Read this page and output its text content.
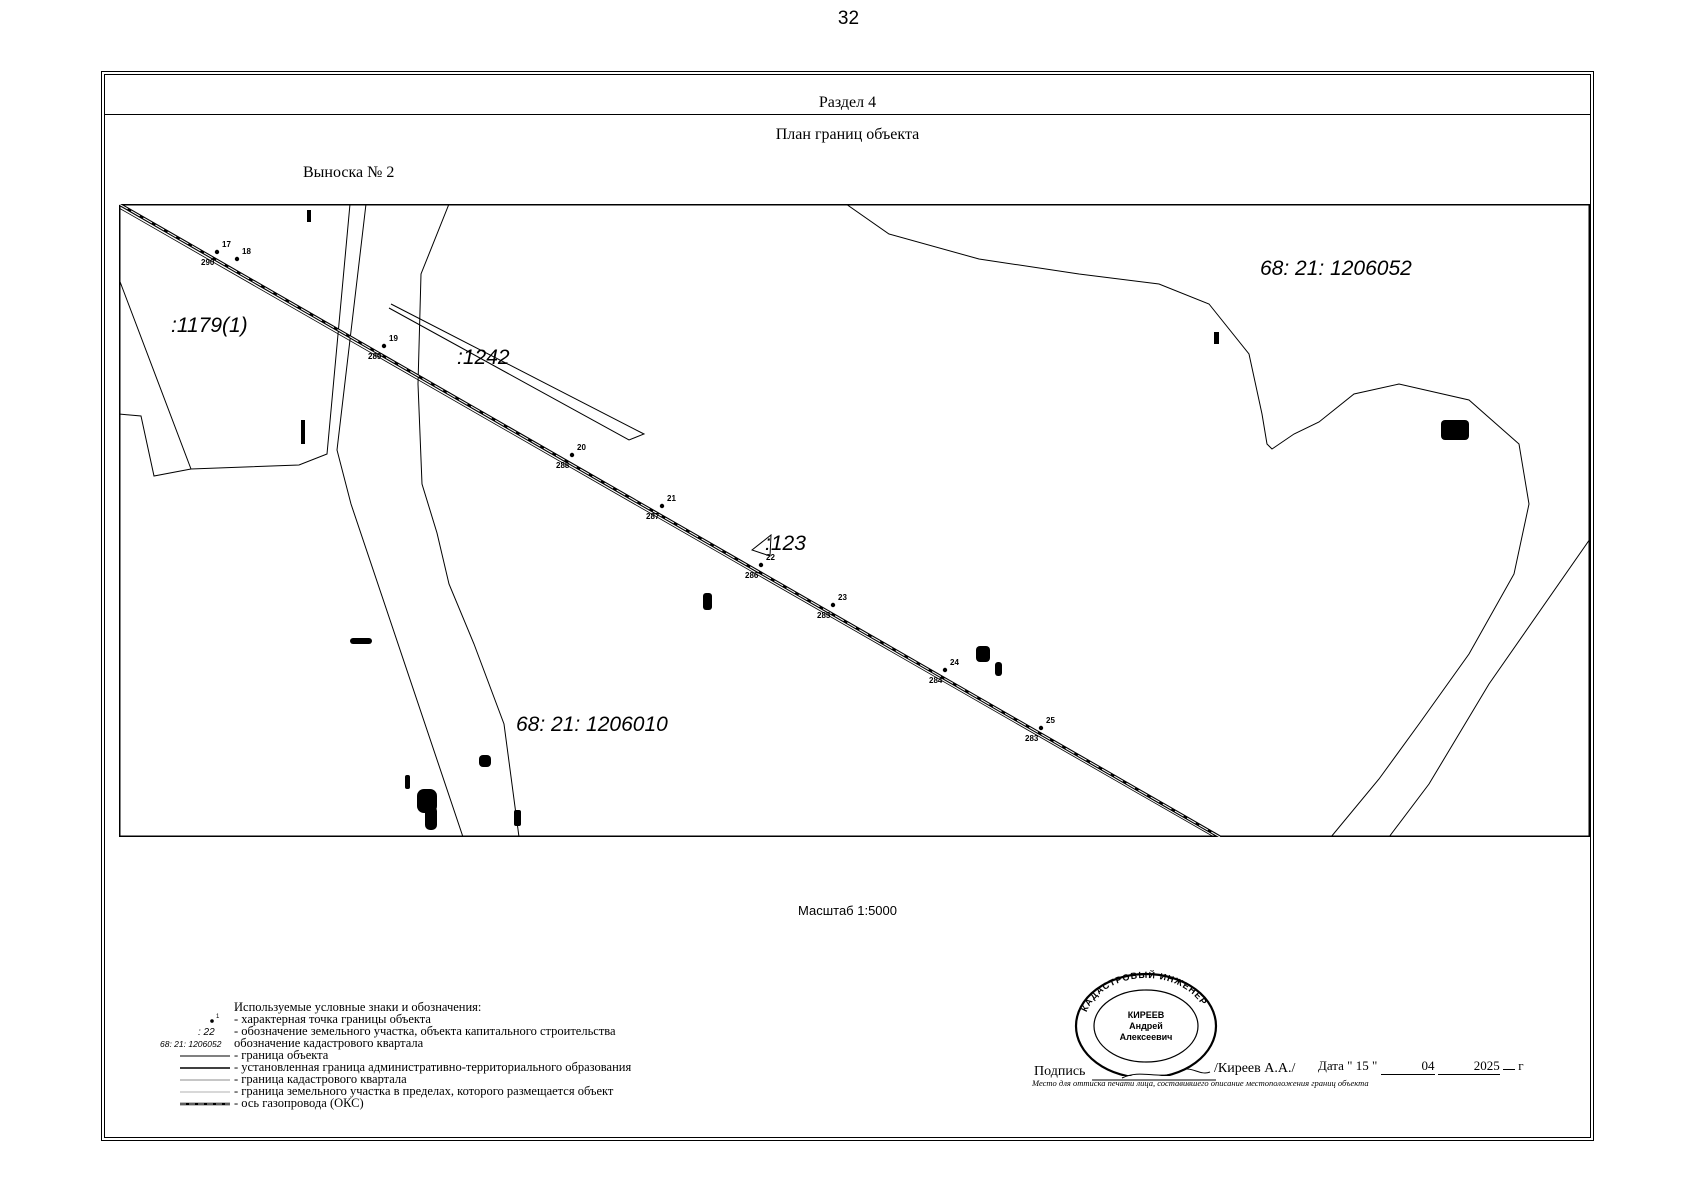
32
Раздел 4
План границ объекта
Выноска № 2
68: 21: 1206052
68: 21: 1206010
:1179(1)
:1242
:123
17
290
18
19
289
20
288
21
287
22
286
23
285
24
284
25
283
Масштаб 1:5000
Используемые условные знаки и обозначения:
1 - характерная точка границы объекта
: 22 - обозначение земельного участка, объекта капитального строительства
68: 21: 1206052 обозначение кадастрового квартала
- граница объекта
- установленная граница административно-территориального образования
- граница кадастрового квартала
- граница земельного участка в пределах, которого размещается объект
- ось газопровода (ОКС)
КАДАСТРОВЫЙ ИНЖЕНЕР
КИРЕЕВ
Андрей
Алексеевич
Подпись	/Киреев А.А./ Дата " 15 "	04	2025 г
Место для оттиска печати лица, составившего описание местоположения границ объекта
